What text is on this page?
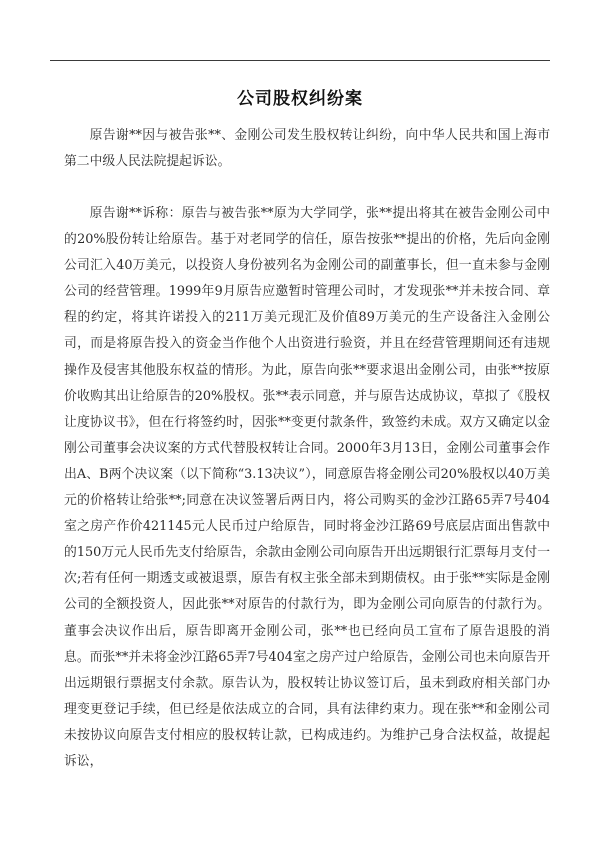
公司股权纠纷案

原告谢**因与被告张**、金刚公司发生股权转让纠纷，向中华人民共和国上海市第二中级人民法院提起诉讼。

原告谢**诉称：原告与被告张**原为大学同学，张**提出将其在被告金刚公司中的20%股份转让给原告。基于对老同学的信任，原告按张**提出的价格，先后向金刚公司汇入40万美元，以投资人身份被列名为金刚公司的副董事长，但一直未参与金刚公司的经营管理。1999年9月原告应邀暂时管理公司时，才发现张**并未按合同、章程的约定，将其许诺投入的211万美元现汇及价值89万美元的生产设备注入金刚公司，而是将原告投入的资金当作他个人出资进行验资，并且在经营管理期间还有违规操作及侵害其他股东权益的情形。为此，原告向张**要求退出金刚公司，由张**按原价收购其出让给原告的20%股权。张**表示同意，并与原告达成协议，草拟了《股权让度协议书》，但在行将签约时，因张**变更付款条件，致签约未成。双方又确定以金刚公司董事会决议案的方式代替股权转让合同。2000年3月13日，金刚公司董事会作出A、B两个决议案（以下简称“3.13决议”），同意原告将金刚公司20%股权以40万美元的价格转让给张**;同意在决议签署后两日内，将公司购买的金沙江路65弄7号404室之房产作价421145元人民币过户给原告，同时将金沙江路69号底层店面出售款中的150万元人民币先支付给原告，余款由金刚公司向原告开出远期银行汇票每月支付一次;若有任何一期透支或被退票，原告有权主张全部未到期债权。由于张**实际是金刚公司的全额投资人，因此张**对原告的付款行为，即为金刚公司向原告的付款行为。董事会决议作出后，原告即离开金刚公司，张**也已经向员工宣布了原告退股的消息。而张**并未将金沙江路65弄7号404室之房产过户给原告，金刚公司也未向原告开出远期银行票据支付余款。原告认为，股权转让协议签订后，虽未到政府相关部门办理变更登记手续，但已经是依法成立的合同，具有法律约束力。现在张**和金刚公司未按协议向原告支付相应的股权转让款，已构成违约。为维护己身合法权益，故提起诉讼，
